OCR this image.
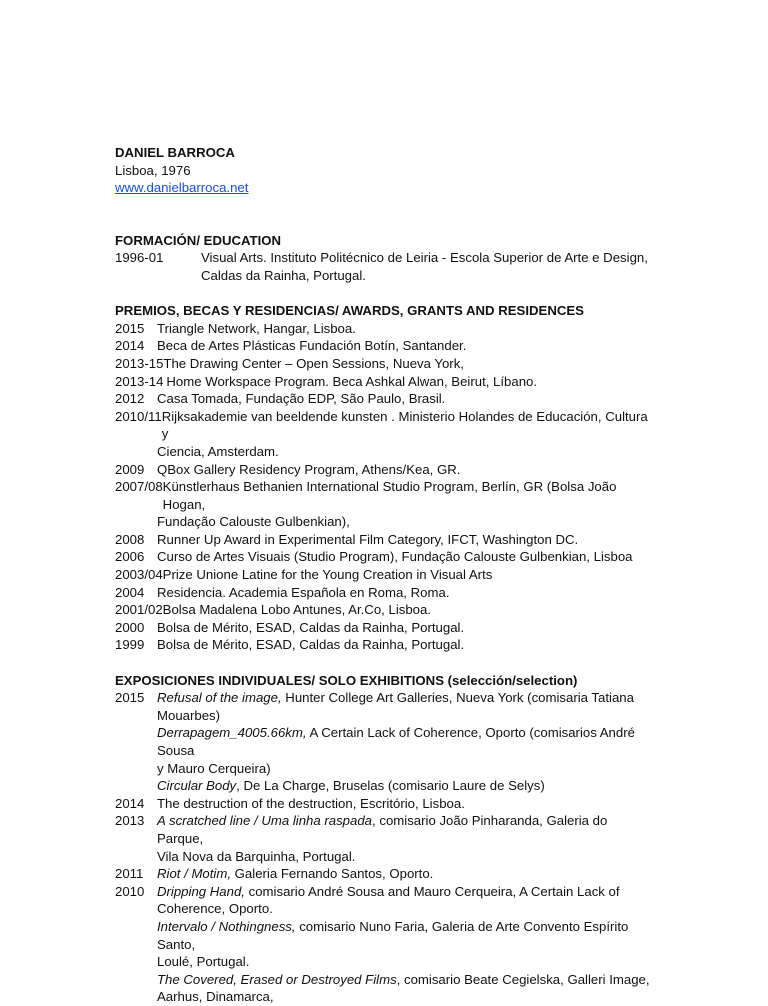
DANIEL BARROCA
Lisboa, 1976
www.danielbarroca.net
FORMACIÓN/ EDUCATION
1996-01	Visual Arts. Instituto Politécnico de Leiria - Escola Superior de Arte e Design,
Caldas da Rainha, Portugal.
PREMIOS, BECAS Y RESIDENCIAS/ AWARDS, GRANTS AND RESIDENCES
2015 Triangle Network, Hangar, Lisboa.
2014 Beca de Artes Plásticas Fundación Botín, Santander.
2013-15 The Drawing Center – Open Sessions, Nueva York,
2013-14 Home Workspace Program. Beca Ashkal Alwan, Beirut, Líbano.
2012 Casa Tomada, Fundação EDP, São Paulo, Brasil.
2010/11 Rijksakademie van beeldende kunsten . Ministerio Holandes de Educación, Cultura y
Ciencia, Amsterdam.
2009 QBox Gallery Residency Program, Athens/Kea, GR.
2007/08 Künstlerhaus Bethanien International Studio Program, Berlín, GR (Bolsa João Hogan,
Fundação Calouste Gulbenkian),
2008 Runner Up Award in Experimental Film Category, IFCT, Washington DC.
2006 Curso de Artes Visuais (Studio Program), Fundação Calouste Gulbenkian, Lisboa
2003/04 Prize Unione Latine for the Young Creation in Visual Arts
2004 Residencia. Academia Española en Roma, Roma.
2001/02 Bolsa Madalena Lobo Antunes, Ar.Co, Lisboa.
2000 Bolsa de Mérito, ESAD, Caldas da Rainha, Portugal.
1999 Bolsa de Mérito, ESAD, Caldas da Rainha, Portugal.
EXPOSICIONES INDIVIDUALES/ SOLO EXHIBITIONS (selección/selection)
2015 Refusal of the image, Hunter College Art Galleries, Nueva York (comisaria Tatiana
Mouarbes)
Derrapagem_4005.66km, A Certain Lack of Coherence, Oporto (comisarios André Sousa
y Mauro Cerqueira)
Circular Body, De La Charge, Bruselas (comisario Laure de Selys)
2014 The destruction of the destruction, Escritório, Lisboa.
2013 A scratched line / Uma linha raspada, comisario João Pinharanda, Galeria do Parque,
Vila Nova da Barquinha, Portugal.
2011	Riot / Motim, Galeria Fernando Santos, Oporto.
2010 Dripping Hand, comisario André Sousa and Mauro Cerqueira, A Certain Lack of
Coherence, Oporto.
Intervalo / Nothingness, comisario Nuno Faria, Galeria de Arte Convento Espírito Santo,
Loulé, Portugal.
The Covered, Erased or Destroyed Films, comisario Beate Cegielska, Galleri Image,
Aarhus, Dinamarca,
